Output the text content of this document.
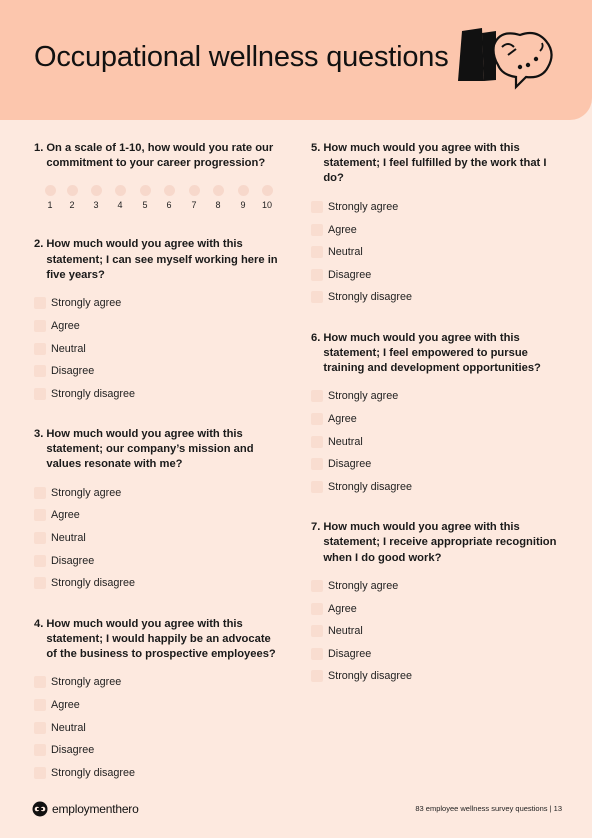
Occupational wellness questions
1. On a scale of 1-10, how would you rate our commitment to your career progression?
1 2 3 4 5 6 7 8 9 10
2. How much would you agree with this statement; I can see myself working here in five years?
Strongly agree
Agree
Neutral
Disagree
Strongly disagree
3. How much would you agree with this statement; our company’s mission and values resonate with me?
Strongly agree
Agree
Neutral
Disagree
Strongly disagree
4. How much would you agree with this statement; I would happily be an advocate of the business to prospective employees?
Strongly agree
Agree
Neutral
Disagree
Strongly disagree
5. How much would you agree with this statement; I feel fulfilled by the work that I do?
Strongly agree
Agree
Neutral
Disagree
Strongly disagree
6. How much would you agree with this statement; I feel empowered to pursue training and development opportunities?
Strongly agree
Agree
Neutral
Disagree
Strongly disagree
7. How much would you agree with this statement; I receive appropriate recognition when I do good work?
Strongly agree
Agree
Neutral
Disagree
Strongly disagree
employmenthero	83 employee wellness survey questions | 13
